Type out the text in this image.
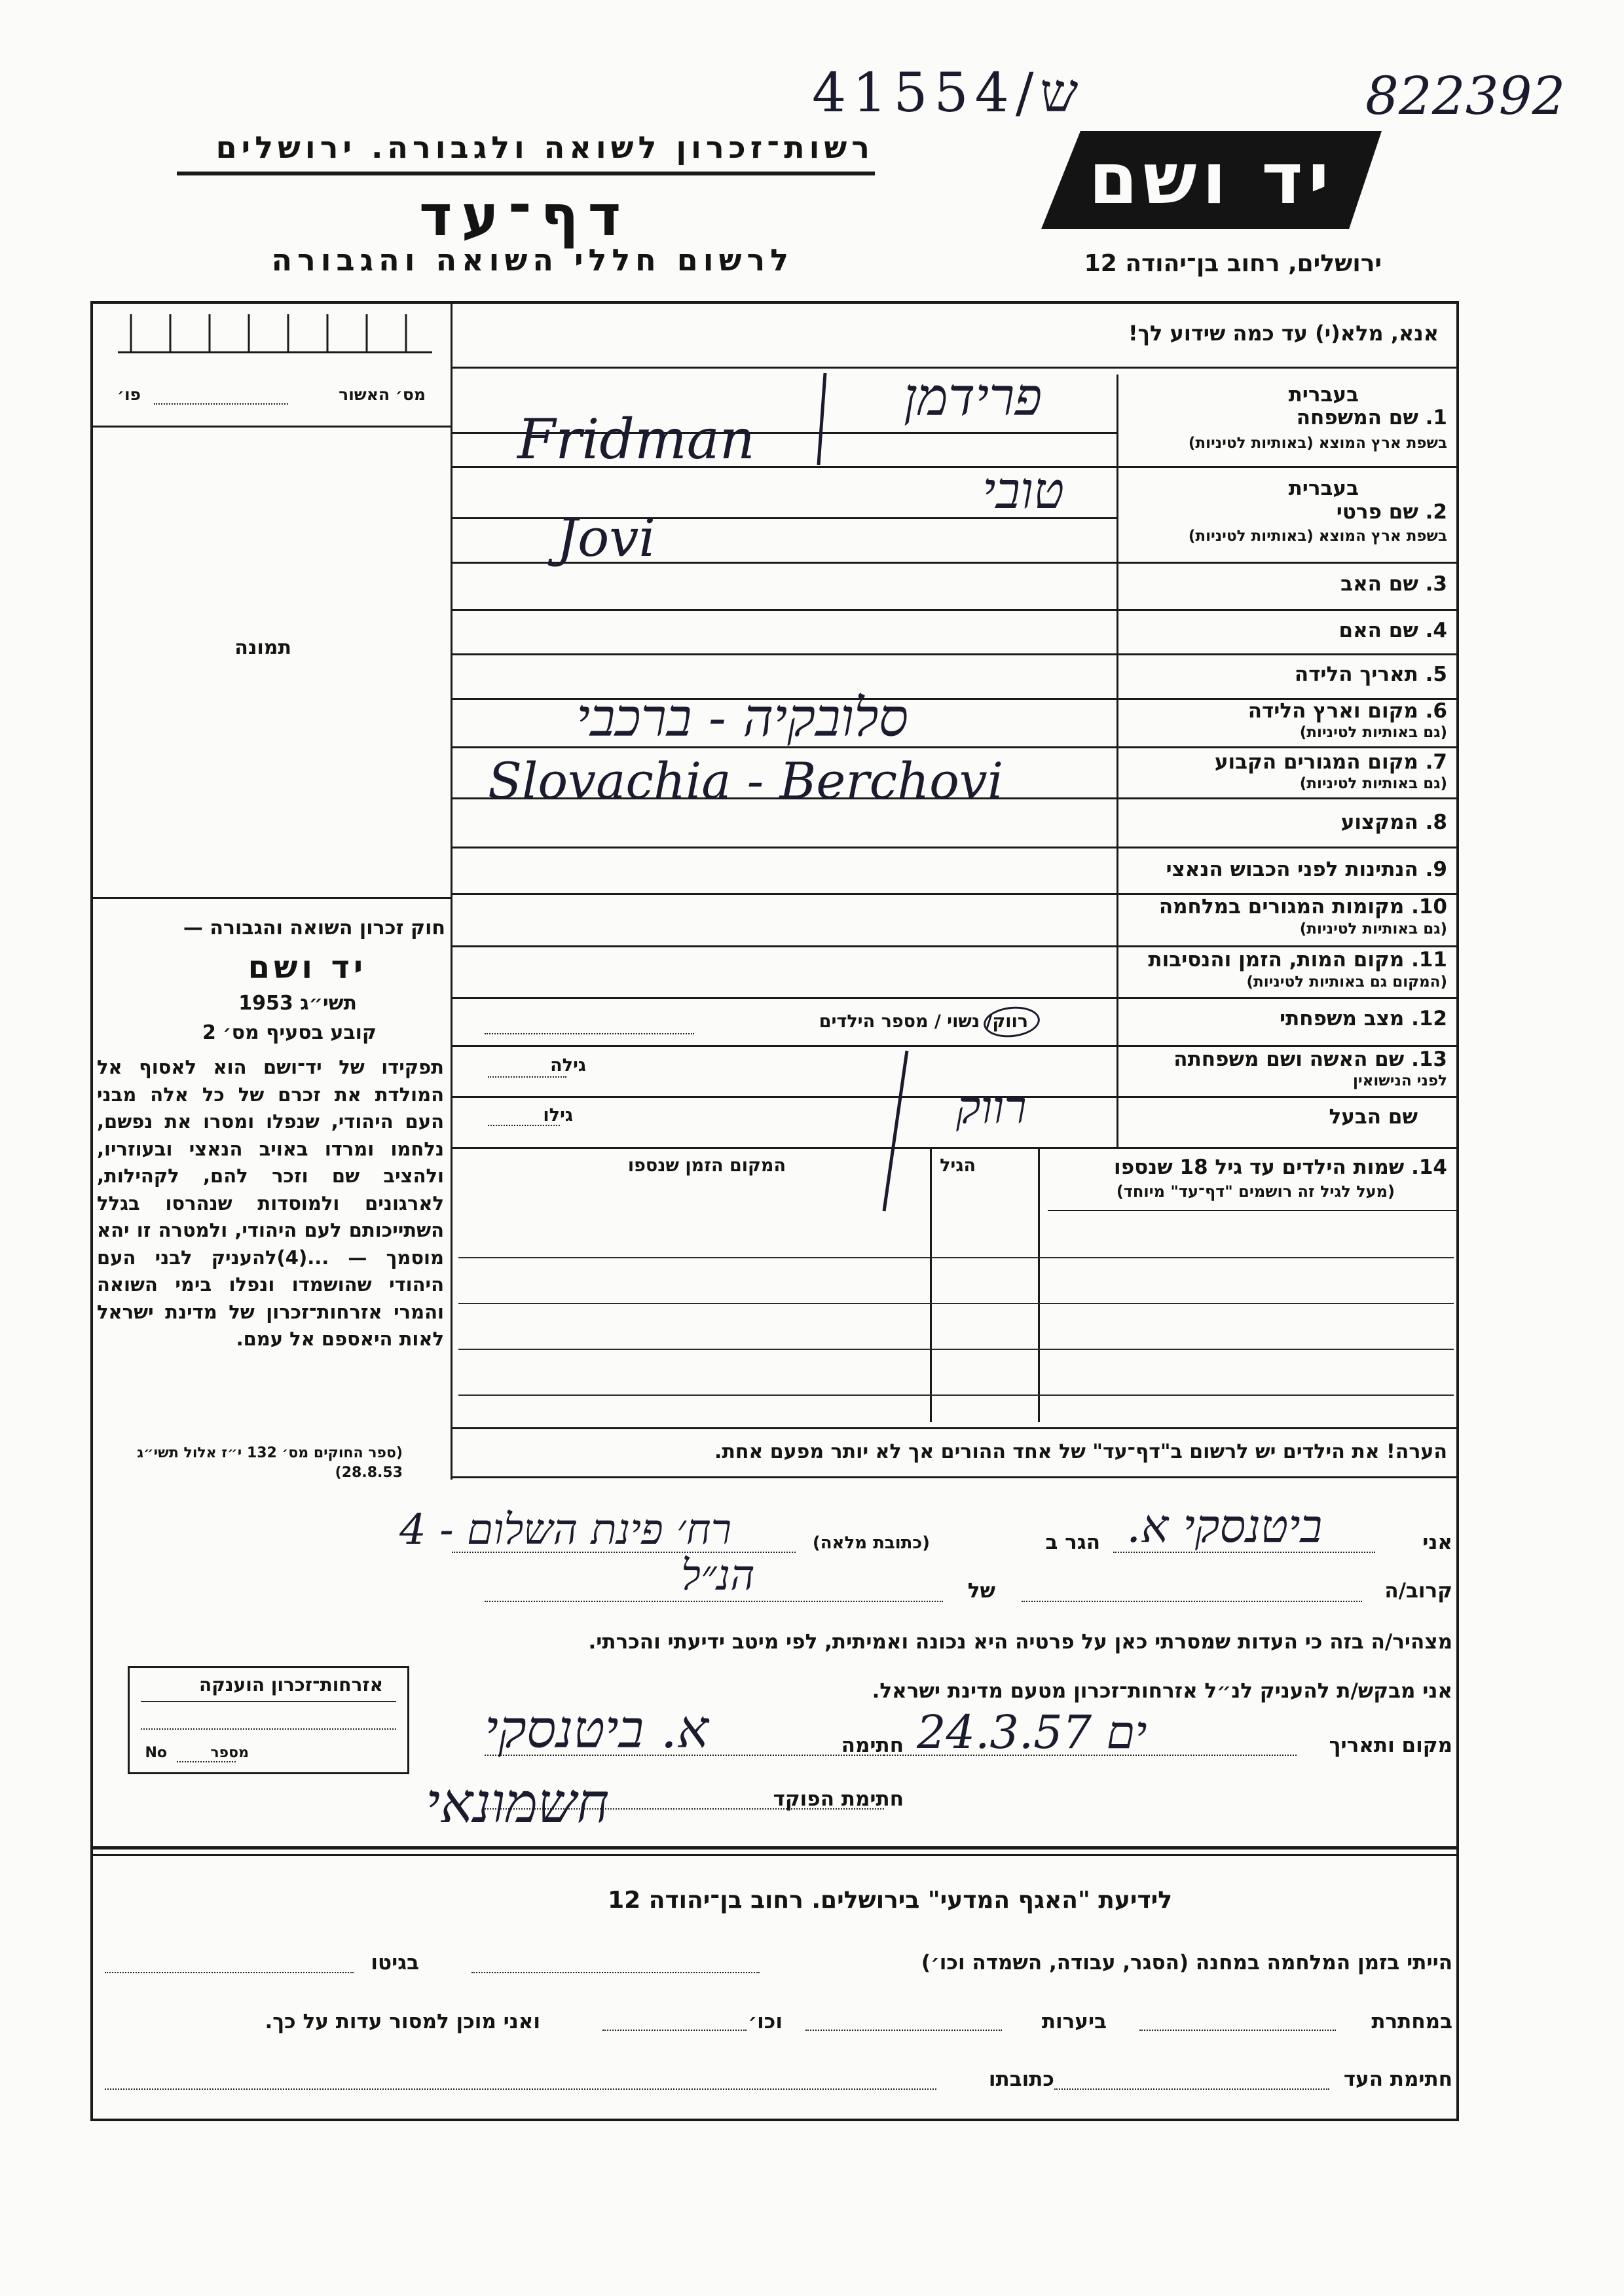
41554/ש	822392
רשות־זכרון לשואה ולגבורה. ירושלים
דף־עד
לרשום חללי השואה והגבורה
יד ושם
ירושלים, רחוב בן־יהודה 12
אנא, מלא(י) עד כמה שידוע לך!
מס׳ האשור
פו׳
תמונה
בעברית
1. שם המשפחה
בשפת ארץ המוצא (באותיות לטיניות)
פרידמן
Fridman
בעברית
2. שם פרטי
בשפת ארץ המוצא (באותיות לטיניות)
טובי
Jovi
3. שם האב
4. שם האם
5. תאריך הלידה
6. מקום וארץ הלידה
(גם באותיות לטיניות)
סלובקיה - ברכבי
7. מקום המגורים הקבוע
(גם באותיות לטיניות)
Slovachia - Berchovi
8. המקצוע
9. הנתינות לפני הכבוש הנאצי
10. מקומות המגורים במלחמה
(גם באותיות לטיניות)
11. מקום המות, הזמן והנסיבות
(המקום גם באותיות לטיניות)
12. מצב משפחתי
רווק/ נשוי / מספר הילדים
13. שם האשה ושם משפחתה
לפני הנישואין
גילה
שם הבעל
גילו	רווק
14. שמות הילדים עד גיל 18 שנספו
(מעל לגיל זה רושמים "דף־עד" מיוחד)
הגיל
המקום הזמן שנספו
הערה! את הילדים יש לרשום ב"דף־עד" של אחד ההורים אך לא יותר מפעם אחת.
חוק זכרון השואה והגבורה —
יד ושם
תשי״ג 1953
קובע בסעיף מס׳ 2
תפקידו של יד־ושם הוא לאסוף אל המולדת את זכרם של כל אלה מבני העם היהודי, שנפלו ומסרו את נפשם, נלחמו ומרדו באויב הנאצי ובעוזריו, ולהציב שם וזכר להם, לקהילות, לארגונים ולמוסדות שנהרסו בגלל השתייכותם לעם היהודי, ולמטרה זו יהא מוסמך — ...(4)להעניק לבני העם היהודי שהושמדו ונפלו בימי השואה והמרי אזרחות־זכרון של מדינת ישראל לאות היאספם אל עמם.
(ספר החוקים מס׳ 132 י״ז אלול תשי״ג 28.8.53)
אזרחות־זכרון הוענקה
מספר
No
אני
ביטנסקי א.
הגר ב
(כתובת מלאה)
רח׳ פינת השלום - 4
קרוב/ה
של
הנ״ל
מצהיר/ה בזה כי העדות שמסרתי כאן על פרטיה היא נכונה ואמיתית, לפי מיטב ידיעתי והכרתי.
אני מבקש/ת להעניק לנ״ל אזרחות־זכרון מטעם מדינת ישראל.
מקום ותאריך
ים 24.3.57
חתימה
א. ביטנסקי
חתימת הפוקד
חשמונאי
לידיעת "האגף המדעי" בירושלים. רחוב בן־יהודה 12
הייתי בזמן המלחמה במחנה (הסגר, עבודה, השמדה וכו׳)
בגיטו
במחתרת
ביערות
וכו׳
ואני מוכן למסור עדות על כך.
חתימת העד
כתובתו
